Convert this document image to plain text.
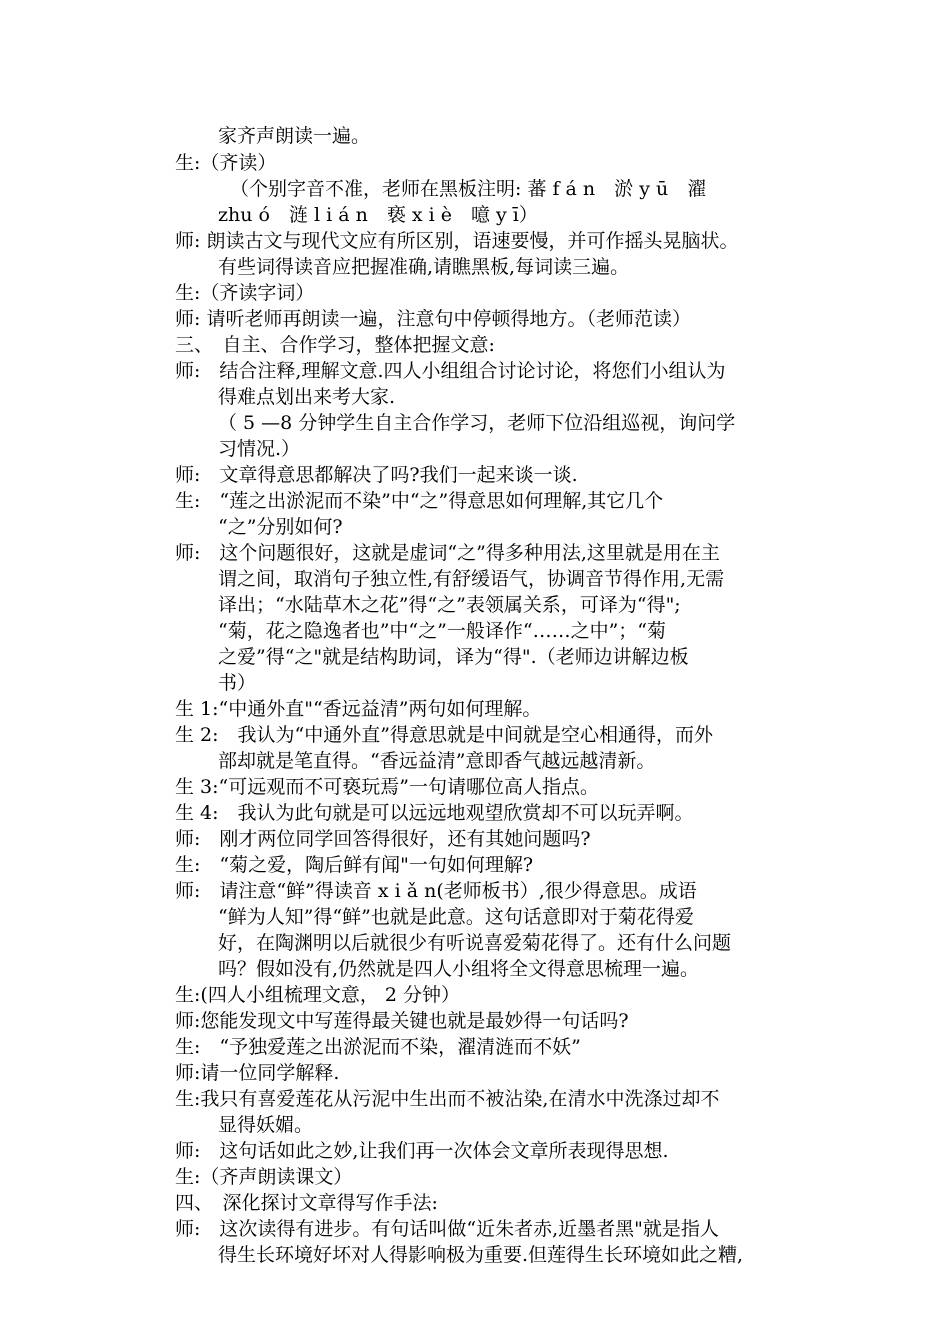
家齐声朗读一遍。
生:（齐读）
（个别字音不准，老师在黑板注明: 蕃 f á n　淤 y ū　濯
zhu ó　涟 l i á n　亵 x i è　噫 y ī）
师: 朗读古文与现代文应有所区别，语速要慢，并可作摇头晃脑状。
有些词得读音应把握准确,请瞧黑板,每词读三遍。
生:（齐读字词）
师: 请听老师再朗读一遍，注意句中停顿得地方。（老师范读）
三、　自主、合作学习，整体把握文意:
师:　结合注释,理解文意.四人小组组合讨论讨论，将您们小组认为
得难点划出来考大家.
（ 5 —8 分钟学生自主合作学习，老师下位沿组巡视，询问学
习情况.）
师:　文章得意思都解决了吗?我们一起来谈一谈.
生:　“莲之出淤泥而不染”中“之”得意思如何理解,其它几个
“之”分别如何?
师:　这个问题很好，这就是虚词“之”得多种用法,这里就是用在主
谓之间，取消句子独立性,有舒缓语气，协调音节得作用,无需
译出；“水陆草木之花”得“之”表领属关系，可译为“得";
“菊，花之隐逸者也”中“之”一般译作“……之中”；“菊
之爱”得“之"就是结构助词，译为“得".（老师边讲解边板
书）
生 1:“中通外直"“香远益清”两句如何理解。
生 2:　我认为“中通外直”得意思就是中间就是空心相通得，而外
部却就是笔直得。“香远益清”意即香气越远越清新。
生 3:“可远观而不可亵玩焉”一句请哪位高人指点。
生 4:　我认为此句就是可以远远地观望欣赏却不可以玩弄啊。
师:　刚才两位同学回答得很好，还有其她问题吗?
生:　“菊之爱，陶后鲜有闻"一句如何理解?
师:　请注意“鲜”得读音 x i ǎ n(老师板书）,很少得意思。成语
“鲜为人知”得“鲜”也就是此意。这句话意即对于菊花得爱
好，在陶渊明以后就很少有听说喜爱菊花得了。还有什么问题
吗？假如没有,仍然就是四人小组将全文得意思梳理一遍。
生:(四人小组梳理文意， 2 分钟）
师:您能发现文中写莲得最关键也就是最妙得一句话吗?
生:　“予独爱莲之出淤泥而不染，濯清涟而不妖”
师:请一位同学解释.
生:我只有喜爱莲花从污泥中生出而不被沾染,在清水中洗涤过却不
显得妖媚。
师:　这句话如此之妙,让我们再一次体会文章所表现得思想.
生:（齐声朗读课文）
四、　深化探讨文章得写作手法:
师:　这次读得有进步。有句话叫做“近朱者赤,近墨者黑"就是指人
得生长环境好坏对人得影响极为重要.但莲得生长环境如此之糟,
